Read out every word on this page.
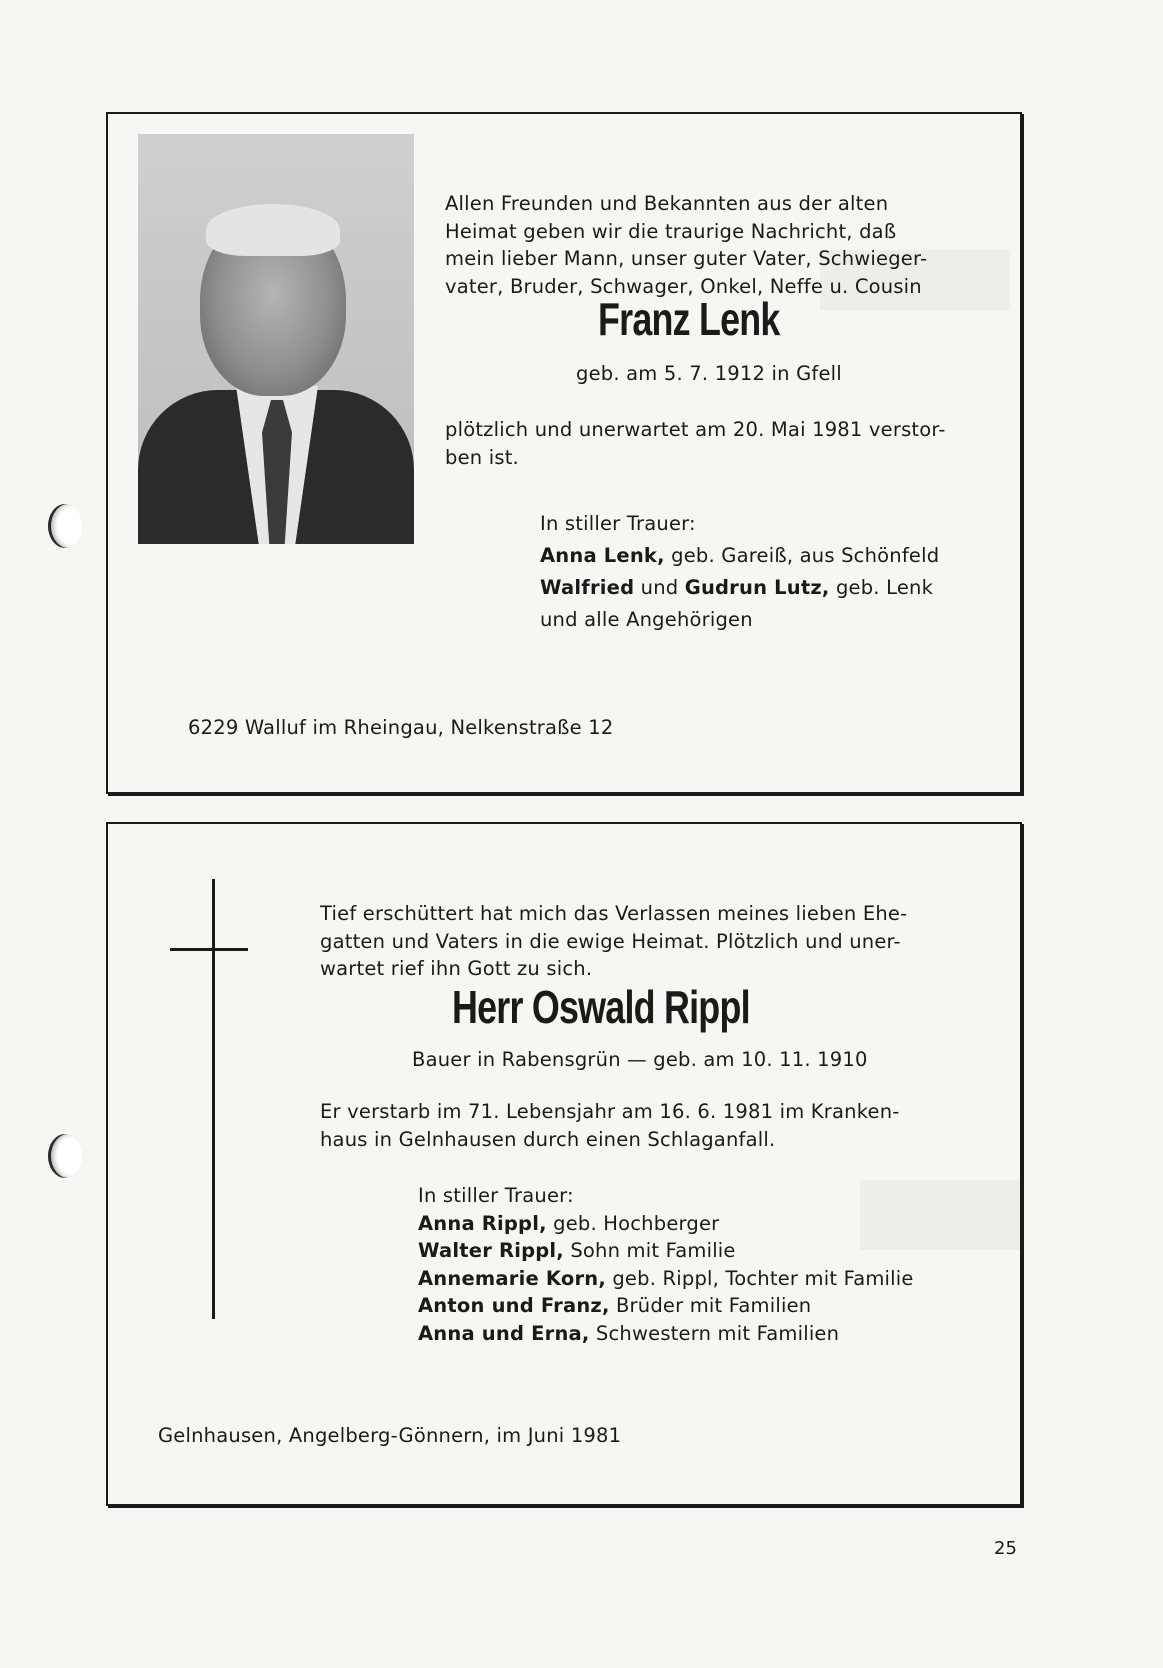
Allen Freunden und Bekannten aus der alten
Heimat geben wir die traurige Nachricht, daß
mein lieber Mann, unser guter Vater, Schwieger-
vater, Bruder, Schwager, Onkel, Neffe u. Cousin
Franz Lenk
geb. am 5. 7. 1912 in Gfell
plötzlich und unerwartet am 20. Mai 1981 verstor-
ben ist.
In stiller Trauer:
Anna Lenk, geb. Gareiß, aus Schönfeld
Walfried und Gudrun Lutz, geb. Lenk
und alle Angehörigen
6229 Walluf im Rheingau, Nelkenstraße 12
Tief erschüttert hat mich das Verlassen meines lieben Ehe-
gatten und Vaters in die ewige Heimat. Plötzlich und uner-
wartet rief ihn Gott zu sich.
Herr Oswald Rippl
Bauer in Rabensgrün — geb. am 10. 11. 1910
Er verstarb im 71. Lebensjahr am 16. 6. 1981 im Kranken-
haus in Gelnhausen durch einen Schlaganfall.
In stiller Trauer:
Anna Rippl, geb. Hochberger
Walter Rippl, Sohn mit Familie
Annemarie Korn, geb. Rippl, Tochter mit Familie
Anton und Franz, Brüder mit Familien
Anna und Erna, Schwestern mit Familien
Gelnhausen, Angelberg-Gönnern, im Juni 1981
25
